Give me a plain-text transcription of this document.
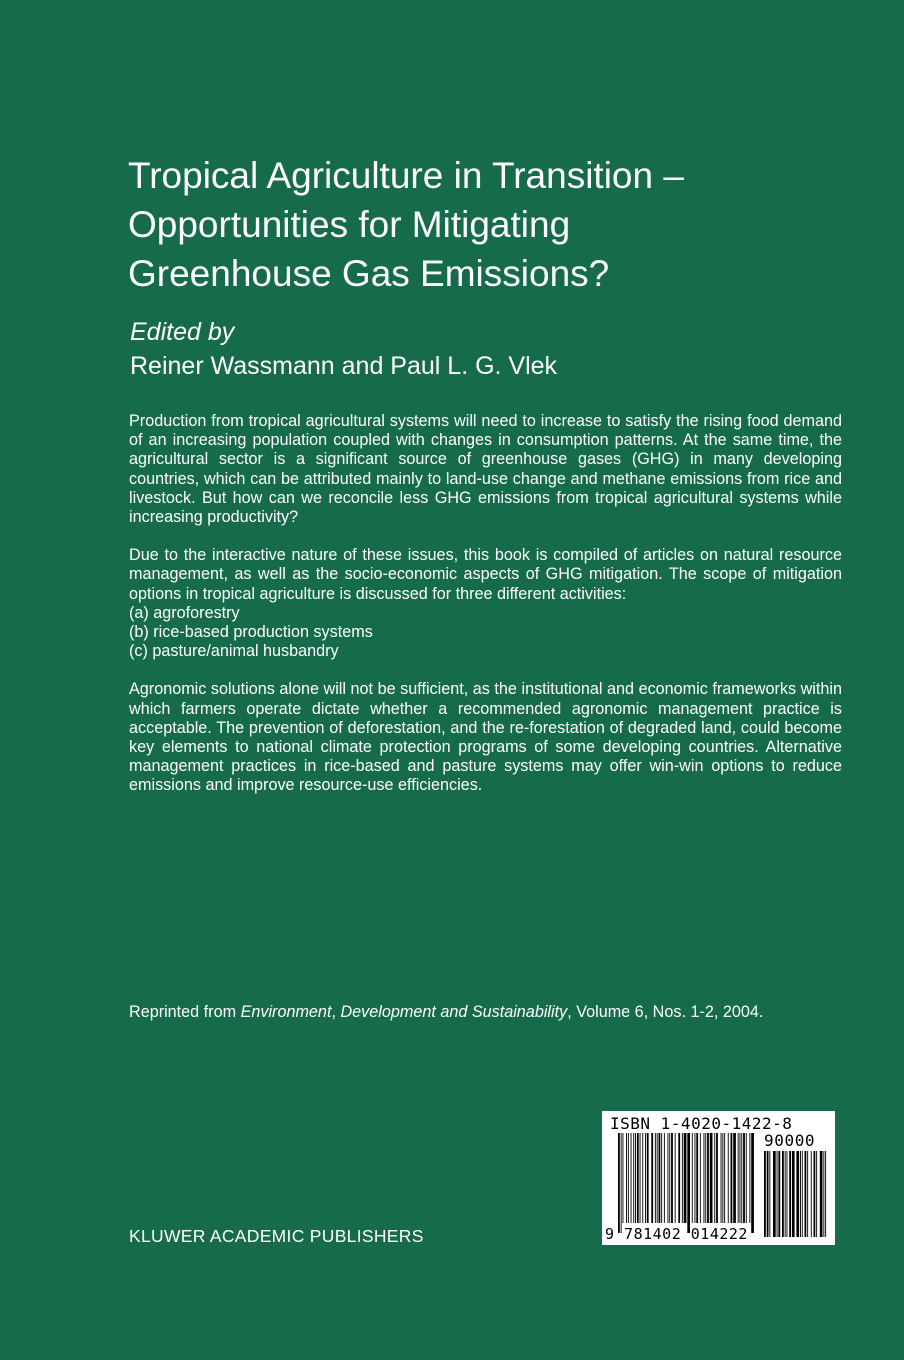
Tropical Agriculture in Transition –
Opportunities for Mitigating
Greenhouse Gas Emissions?
Edited by
Reiner Wassmann and Paul L. G. Vlek

Production from tropical agricultural systems will need to increase to satisfy the rising food demand of an increasing population coupled with changes in consumption patterns. At the same time, the agricultural sector is a significant source of greenhouse gases (GHG) in many developing countries, which can be attributed mainly to land-use change and methane emissions from rice and livestock. But how can we reconcile less GHG emissions from tropical agricultural systems while increasing productivity?

Due to the interactive nature of these issues, this book is compiled of articles on natural resource management, as well as the socio-economic aspects of GHG mitigation. The scope of mitigation options in tropical agriculture is discussed for three different activities:
(a) agroforestry
(b) rice-based production systems
(c) pasture/animal husbandry

Agronomic solutions alone will not be sufficient, as the institutional and economic frameworks within which farmers operate dictate whether a recommended agronomic management practice is acceptable. The prevention of deforestation, and the re-forestation of degraded land, could become key elements to national climate protection programs of some developing countries. Alternative management practices in rice-based and pasture systems may offer win-win options to reduce emissions and improve resource-use efficiencies.

Reprinted from Environment, Development and Sustainability, Volume 6, Nos. 1-2, 2004.
KLUWER ACADEMIC PUBLISHERS
ISBN 1-4020-1422-8
90000
9 781402 014222
